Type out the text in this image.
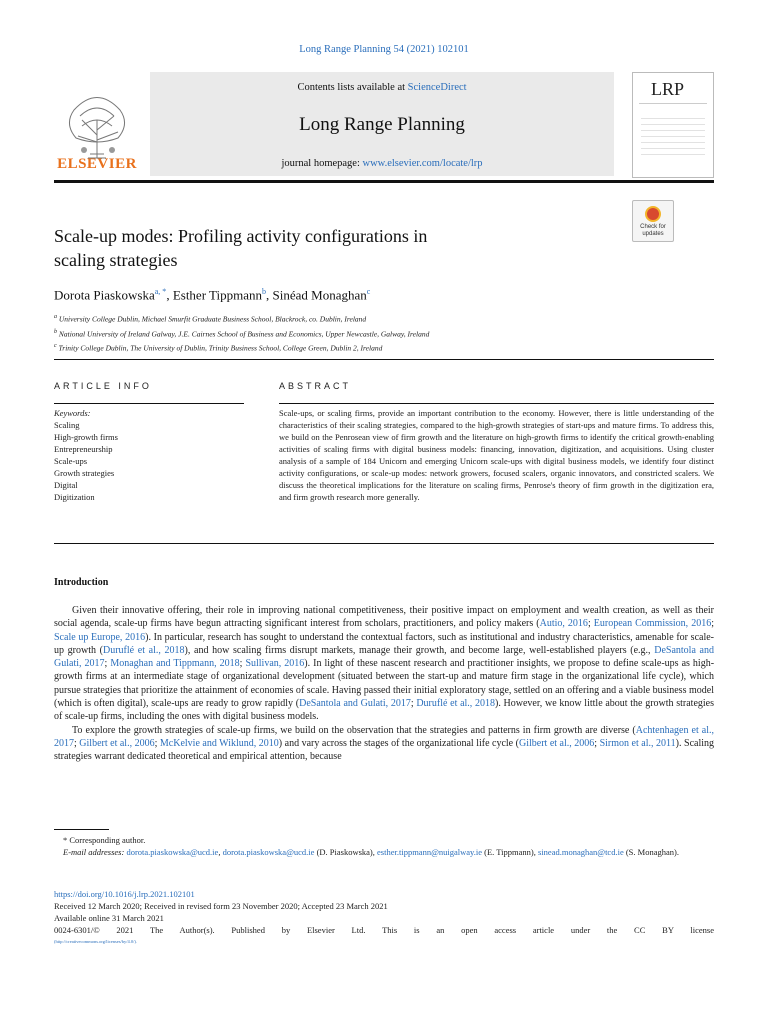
Long Range Planning 54 (2021) 102101
ELSEVIER
Contents lists available at ScienceDirect
Long Range Planning
journal homepage: www.elsevier.com/locate/lrp
LRP
Scale-up modes: Profiling activity configurations in
scaling strategies
Check for
updates
Dorota Piaskowska$^{a, *}$, Esther Tippmann$^b$, Sinéad Monaghan$^c$
$^a$ University College Dublin, Michael Smurfit Graduate Business School, Blackrock, co. Dublin, Ireland
$^b$ National University of Ireland Galway, J.E. Cairnes School of Business and Economics, Upper Newcastle, Galway, Ireland
$^c$ Trinity College Dublin, The University of Dublin, Trinity Business School, College Green, Dublin 2, Ireland
ARTICLE INFO	ABSTRACT
Keywords:
Scaling
High-growth firms
Entrepreneurship
Scale-ups
Growth strategies
Digital
Digitization
Scale-ups, or scaling firms, provide an important contribution to the economy. However, there is little understanding of the characteristics of their scaling strategies, compared to the high-growth strategies of start-ups and mature firms. To address this, we build on the Penrosean view of firm growth and the literature on high-growth firms to identify the critical growth-enabling activities of scaling firms with digital business models: financing, innovation, digitization, and acquisitions. Using cluster analysis of a sample of 184 Unicorn and emerging Unicorn scale-ups with digital business models, we identify four distinct activity configurations, or scale-up modes: network growers, focused scalers, organic innovators, and constricted scalers. We discuss the theoretical implications for the literature on scaling firms, Penrose's theory of firm growth in the digitization era, and firm growth research more generally.
Introduction

Given their innovative offering, their role in improving national competitiveness, their positive impact on employment and wealth creation, as well as their social agenda, scale-up firms have begun attracting significant interest from scholars, practitioners, and policy makers (Autio, 2016; European Commission, 2016; Scale up Europe, 2016). In particular, research has sought to understand the contextual factors, such as institutional and industry characteristics, amenable for scale-up growth (Duruflé et al., 2018), and how scaling firms disrupt markets, manage their growth, and become large, well-established players (e.g., DeSantola and Gulati, 2017; Monaghan and Tippmann, 2018; Sullivan, 2016). In light of these nascent research and practitioner insights, we propose to define scale-ups as high-growth firms at an intermediate stage of organizational development (situated between the start-up and mature firm stage in the organizational life cycle), which pursue strategies that prioritize the attainment of economies of scale. Having passed their initial exploratory stage, settled on an offering and a viable business model (which is often digital), scale-ups are ready to grow rapidly (DeSantola and Gulati, 2017; Duruflé et al., 2018). However, we know little about the growth strategies of scale-up firms, including the ones with digital business models.

To explore the growth strategies of scale-up firms, we build on the observation that the strategies and patterns in firm growth are diverse (Achtenhagen et al., 2017; Gilbert et al., 2006; McKelvie and Wiklund, 2010) and vary across the stages of the organizational life cycle (Gilbert et al., 2006; Sirmon et al., 2011). Scaling strategies warrant dedicated theoretical and empirical attention, because

* Corresponding author.
E-mail addresses: dorota.piaskowska@ucd.ie, dorota.piaskowska@ucd.ie (D. Piaskowska), esther.tippmann@nuigalway.ie (E. Tippmann), sinead.monaghan@tcd.ie (S. Monaghan).
https://doi.org/10.1016/j.lrp.2021.102101
Received 12 March 2020; Received in revised form 23 November 2020; Accepted 23 March 2021
Available online 31 March 2021
0024-6301/© 2021 The Author(s). Published by Elsevier Ltd. This is an open access article under the CC BY license
(http://creativecommons.org/licenses/by/4.0/).
